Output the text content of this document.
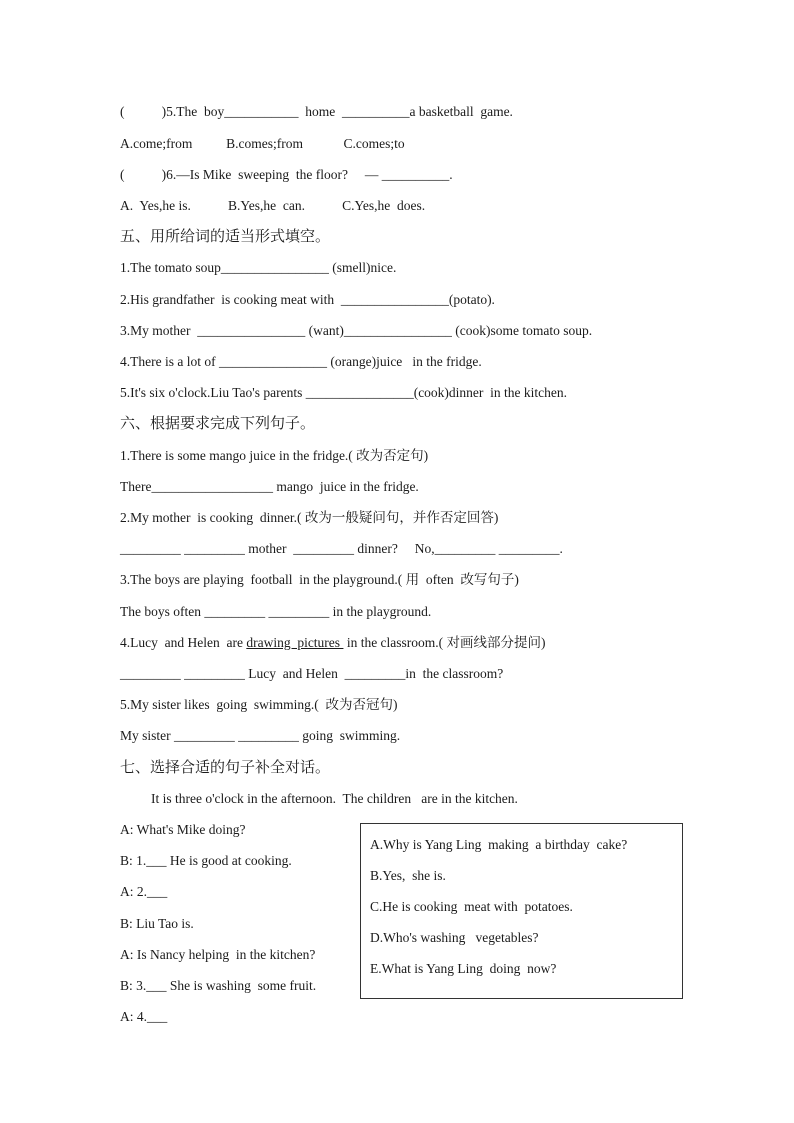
(           )5.The  boy___________  home  __________a basketball  game.
A.come;from          B.comes;from            C.comes;to
(           )6.—Is Mike  sweeping  the floor?     — __________.
A.  Yes,he is.           B.Yes,he  can.           C.Yes,he  does.
五、用所给词的适当形式填空。
1.The tomato soup________________ (smell)nice.
2.His grandfather  is cooking meat with  ________________(potato).
3.My mother  ________________ (want)________________ (cook)some tomato soup.
4.There is a lot of ________________ (orange)juice   in the fridge.
5.It's six o'clock.Liu Tao's parents ________________(cook)dinner  in the kitchen.
六、根据要求完成下列句子。
1.There is some mango juice in the fridge.( 改为否定句)
There__________________ mango  juice in the fridge.
2.My mother  is cooking  dinner.( 改为一般疑问句，并作否定回答)
_________ _________ mother  _________ dinner?     No,_________ _________.
3.The boys are playing  football  in the playground.( 用  often  改写句子)
The boys often _________ _________ in the playground.
4.Lucy  and Helen  are drawing  pictures  in the classroom.( 对画线部分提问)
_________ _________ Lucy  and Helen  _________in  the classroom?
5.My sister likes  going  swimming.(  改为否冠句)
My sister _________ _________ going  swimming.
七、选择合适的句子补全对话。
It is three o'clock in the afternoon.  The children   are in the kitchen.
A: What's Mike doing?
B: 1.___ He is good at cooking.
A: 2.___
B: Liu Tao is.
A: Is Nancy helping  in the kitchen?
B: 3.___ She is washing  some fruit.
A: 4.___
A.Why is Yang Ling  making  a birthday  cake?
B.Yes,  she is.
C.He is cooking  meat with  potatoes.
D.Who's washing   vegetables?
E.What is Yang Ling  doing  now?
